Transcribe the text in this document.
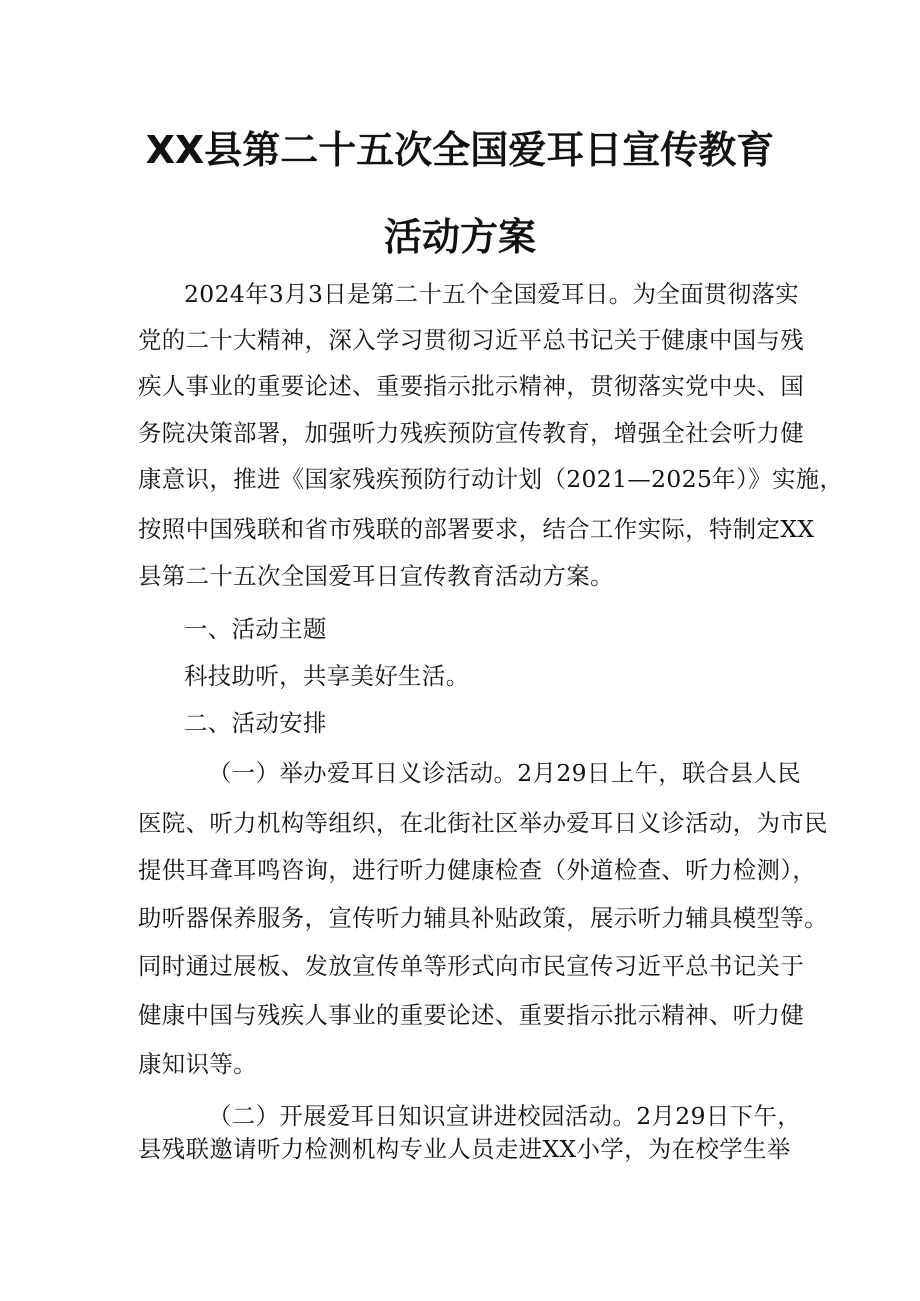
XX县第二十五次全国爱耳日宣传教育
活动方案
2024年3月3日是第二十五个全国爱耳日。为全面贯彻落实
党的二十大精神，深入学习贯彻习近平总书记关于健康中国与残
疾人事业的重要论述、重要指示批示精神，贯彻落实党中央、国
务院决策部署，加强听力残疾预防宣传教育，增强全社会听力健
康意识，推进《国家残疾预防行动计划（2021—2025年）》实施，
按照中国残联和省市残联的部署要求，结合工作实际，特制定XX
县第二十五次全国爱耳日宣传教育活动方案。
一、活动主题
科技助听，共享美好生活。
二、活动安排
（一）举办爱耳日义诊活动。2月29日上午，联合县人民
医院、听力机构等组织，在北街社区举办爱耳日义诊活动，为市民
提供耳聋耳鸣咨询，进行听力健康检查（外道检查、听力检测），
助听器保养服务，宣传听力辅具补贴政策，展示听力辅具模型等。
同时通过展板、发放宣传单等形式向市民宣传习近平总书记关于
健康中国与残疾人事业的重要论述、重要指示批示精神、听力健
康知识等。
（二）开展爱耳日知识宣讲进校园活动。2月29日下午，
县残联邀请听力检测机构专业人员走进XX小学，为在校学生举
